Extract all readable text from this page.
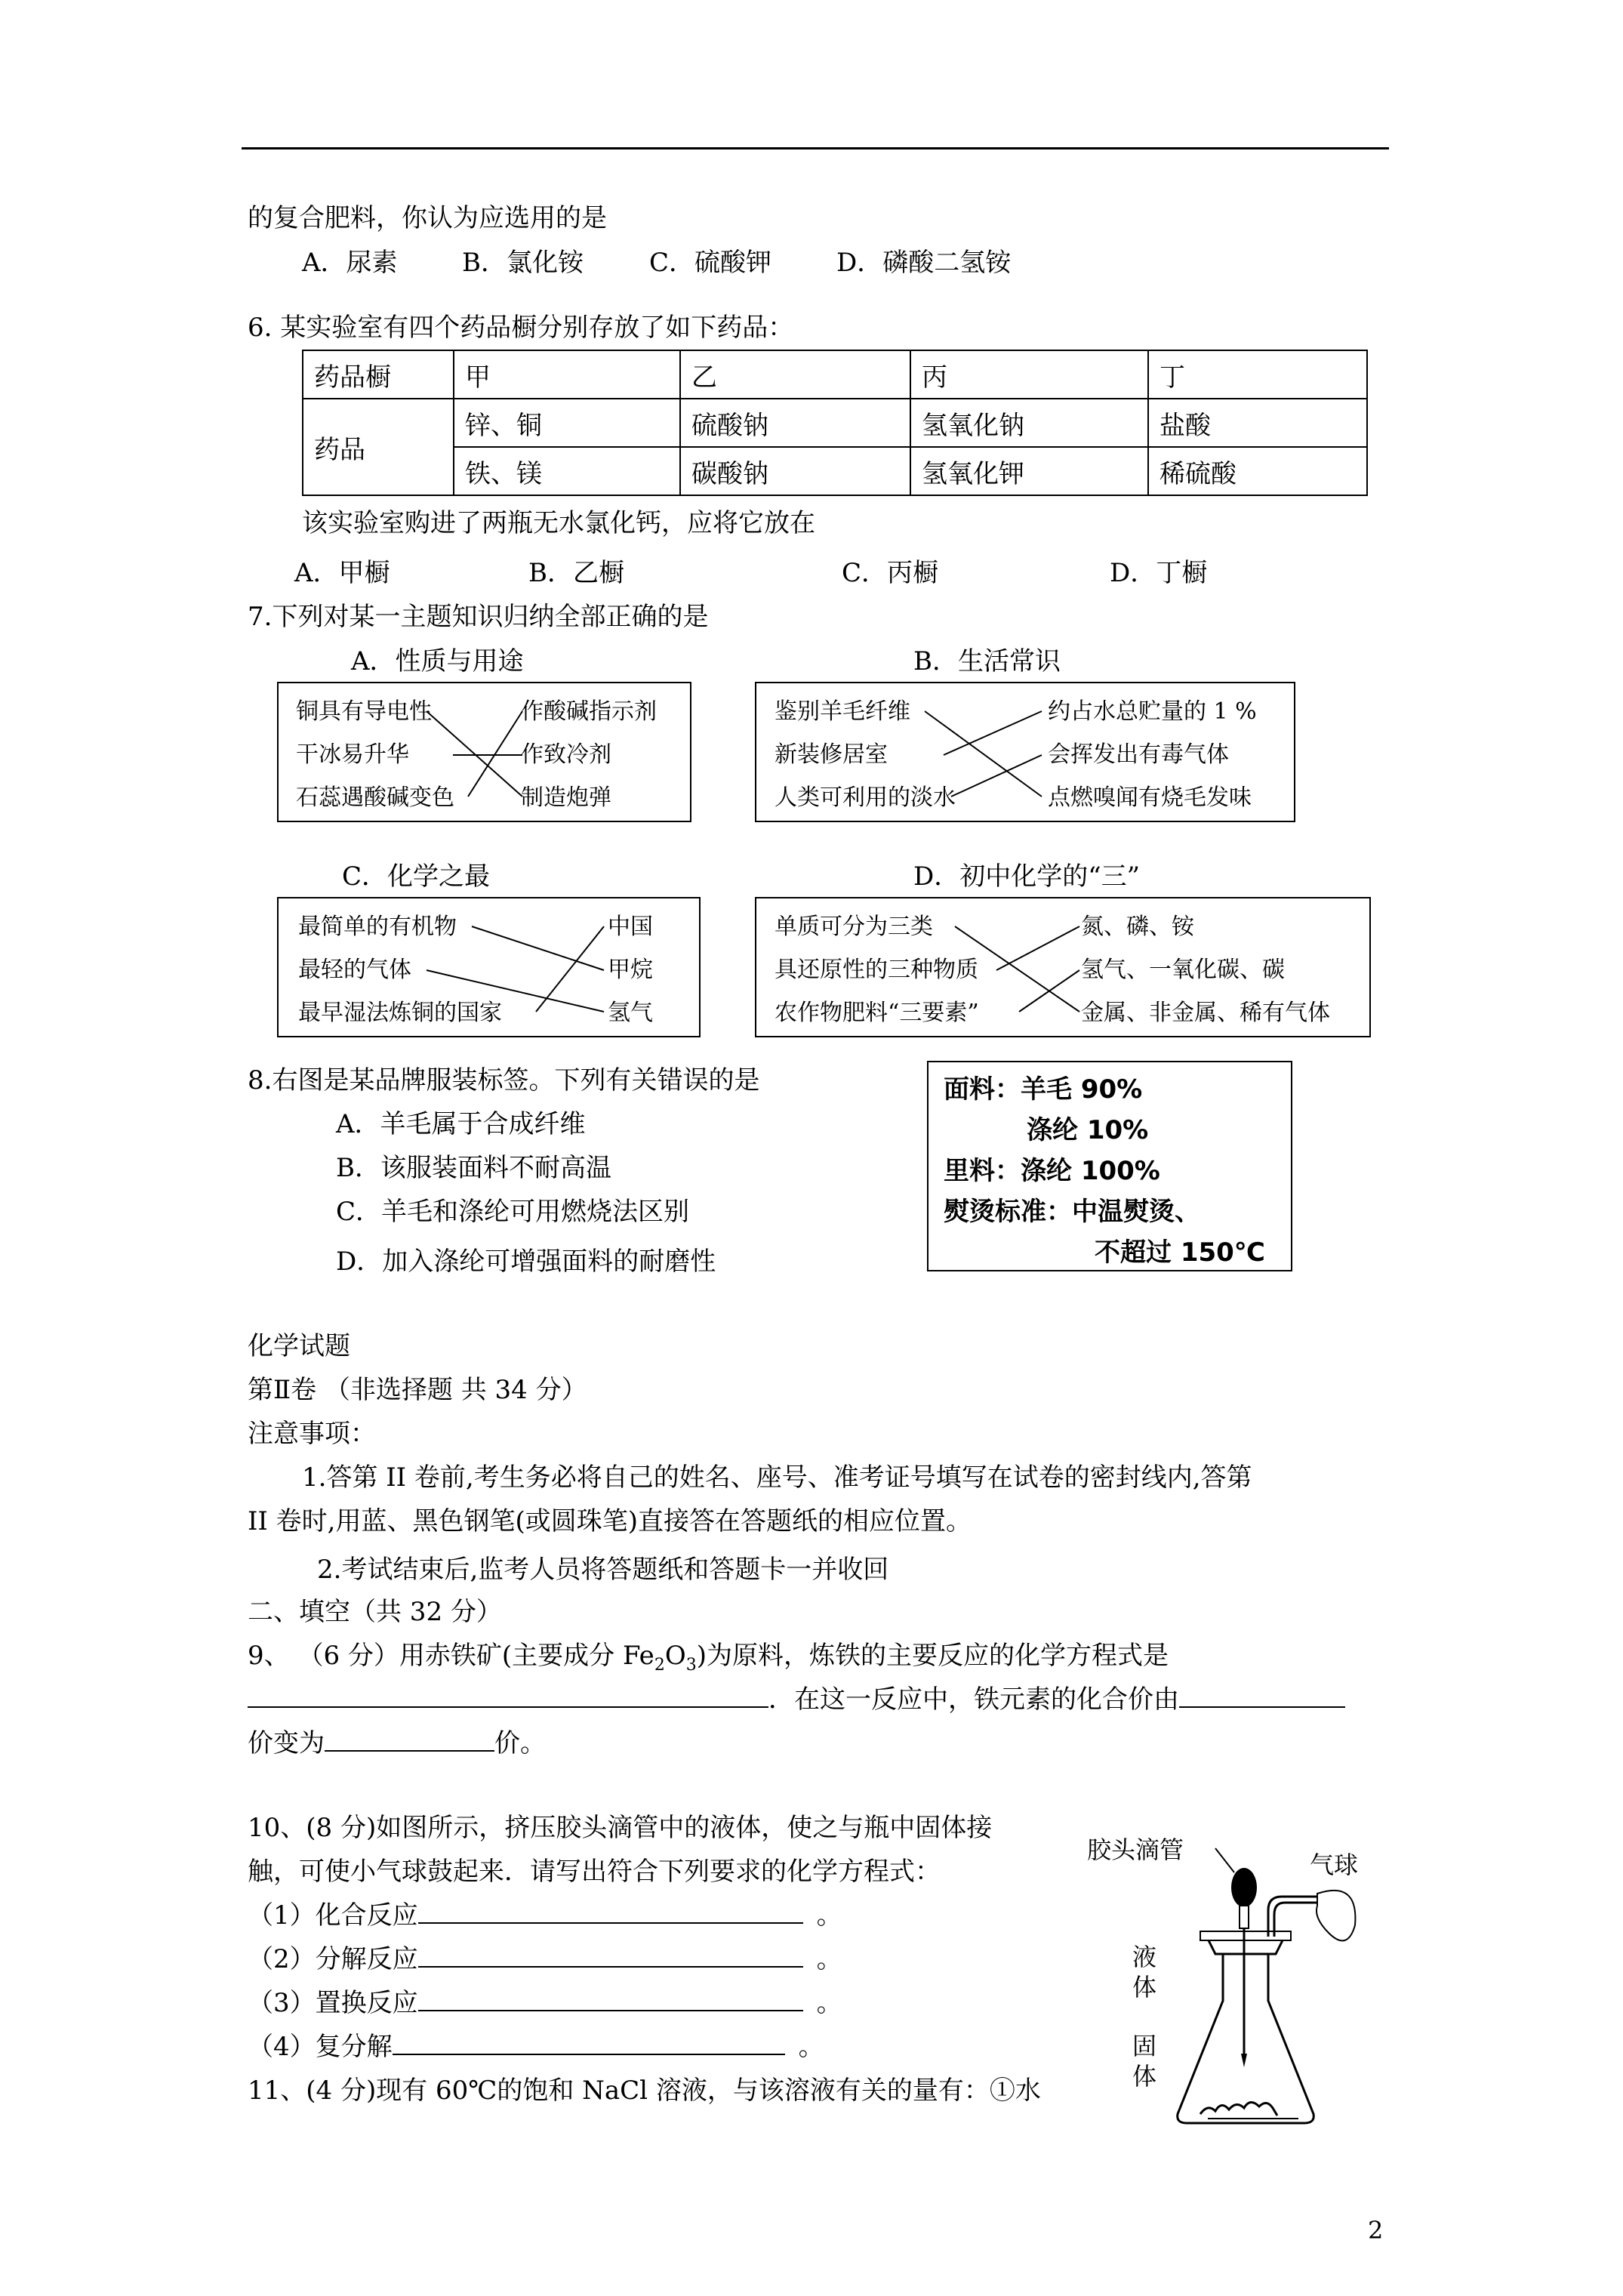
的复合肥料，你认为应选用的是
A．尿素	B．氯化铵	C．硫酸钾	D．磷酸二氢铵
6. 某实验室有四个药品橱分别存放了如下药品：
药品橱	甲	乙	丙	丁
药品	锌、铜	硫酸钠	氢氧化钠	盐酸
	铁、镁	碳酸钠	氢氧化钾	稀硫酸
该实验室购进了两瓶无水氯化钙，应将它放在
A．甲橱	B．乙橱	C．丙橱	D．丁橱
7.下列对某一主题知识归纳全部正确的是
A．性质与用途	B．生活常识
铜具有导电性
干冰易升华
石蕊遇酸碱变色
作酸碱指示剂
作致冷剂
制造炮弹
鉴别羊毛纤维
新装修居室
人类可利用的淡水
约占水总贮量的 1 %
会挥发出有毒气体
点燃嗅闻有烧毛发味
C．化学之最	D．初中化学的“三”
最简单的有机物
最轻的气体
最早湿法炼铜的国家
中国
甲烷
氢气
单质可分为三类
具还原性的三种物质
农作物肥料“三要素”
氮、磷、铵
氢气、一氧化碳、碳
金属、非金属、稀有气体
8.右图是某品牌服装标签。下列有关错误的是
A．羊毛属于合成纤维
B．该服装面料不耐高温
C．羊毛和涤纶可用燃烧法区别
D．加入涤纶可增强面料的耐磨性
面料：羊毛 90%
涤纶 10%
里料：涤纶 100%
熨烫标准：中温熨烫、
不超过 150℃
化学试题
第Ⅱ卷 （非选择题 共 34 分）
注意事项：
1.答第 II 卷前,考生务必将自己的姓名、座号、准考证号填写在试卷的密封线内,答第
II 卷时,用蓝、黑色钢笔(或圆珠笔)直接答在答题纸的相应位置。
2.考试结束后,监考人员将答题纸和答题卡一并收回
二、填空（共 32 分）
9、 （6 分）用赤铁矿(主要成分 $Fe_2O_3$)为原料，炼铁的主要反应的化学方程式是
．在这一反应中，铁元素的化合价由
价变为	价。
10、(8 分)如图所示，挤压胶头滴管中的液体，使之与瓶中固体接
触，可使小气球鼓起来．请写出符合下列要求的化学方程式：
（1）化合反应	。
（2）分解反应	。
（3）置换反应	。
（4）复分解	。
11、(4 分)现有 60℃的饱和 NaCl 溶液，与该溶液有关的量有：①水
胶头滴管
气球
液体
固体
2
